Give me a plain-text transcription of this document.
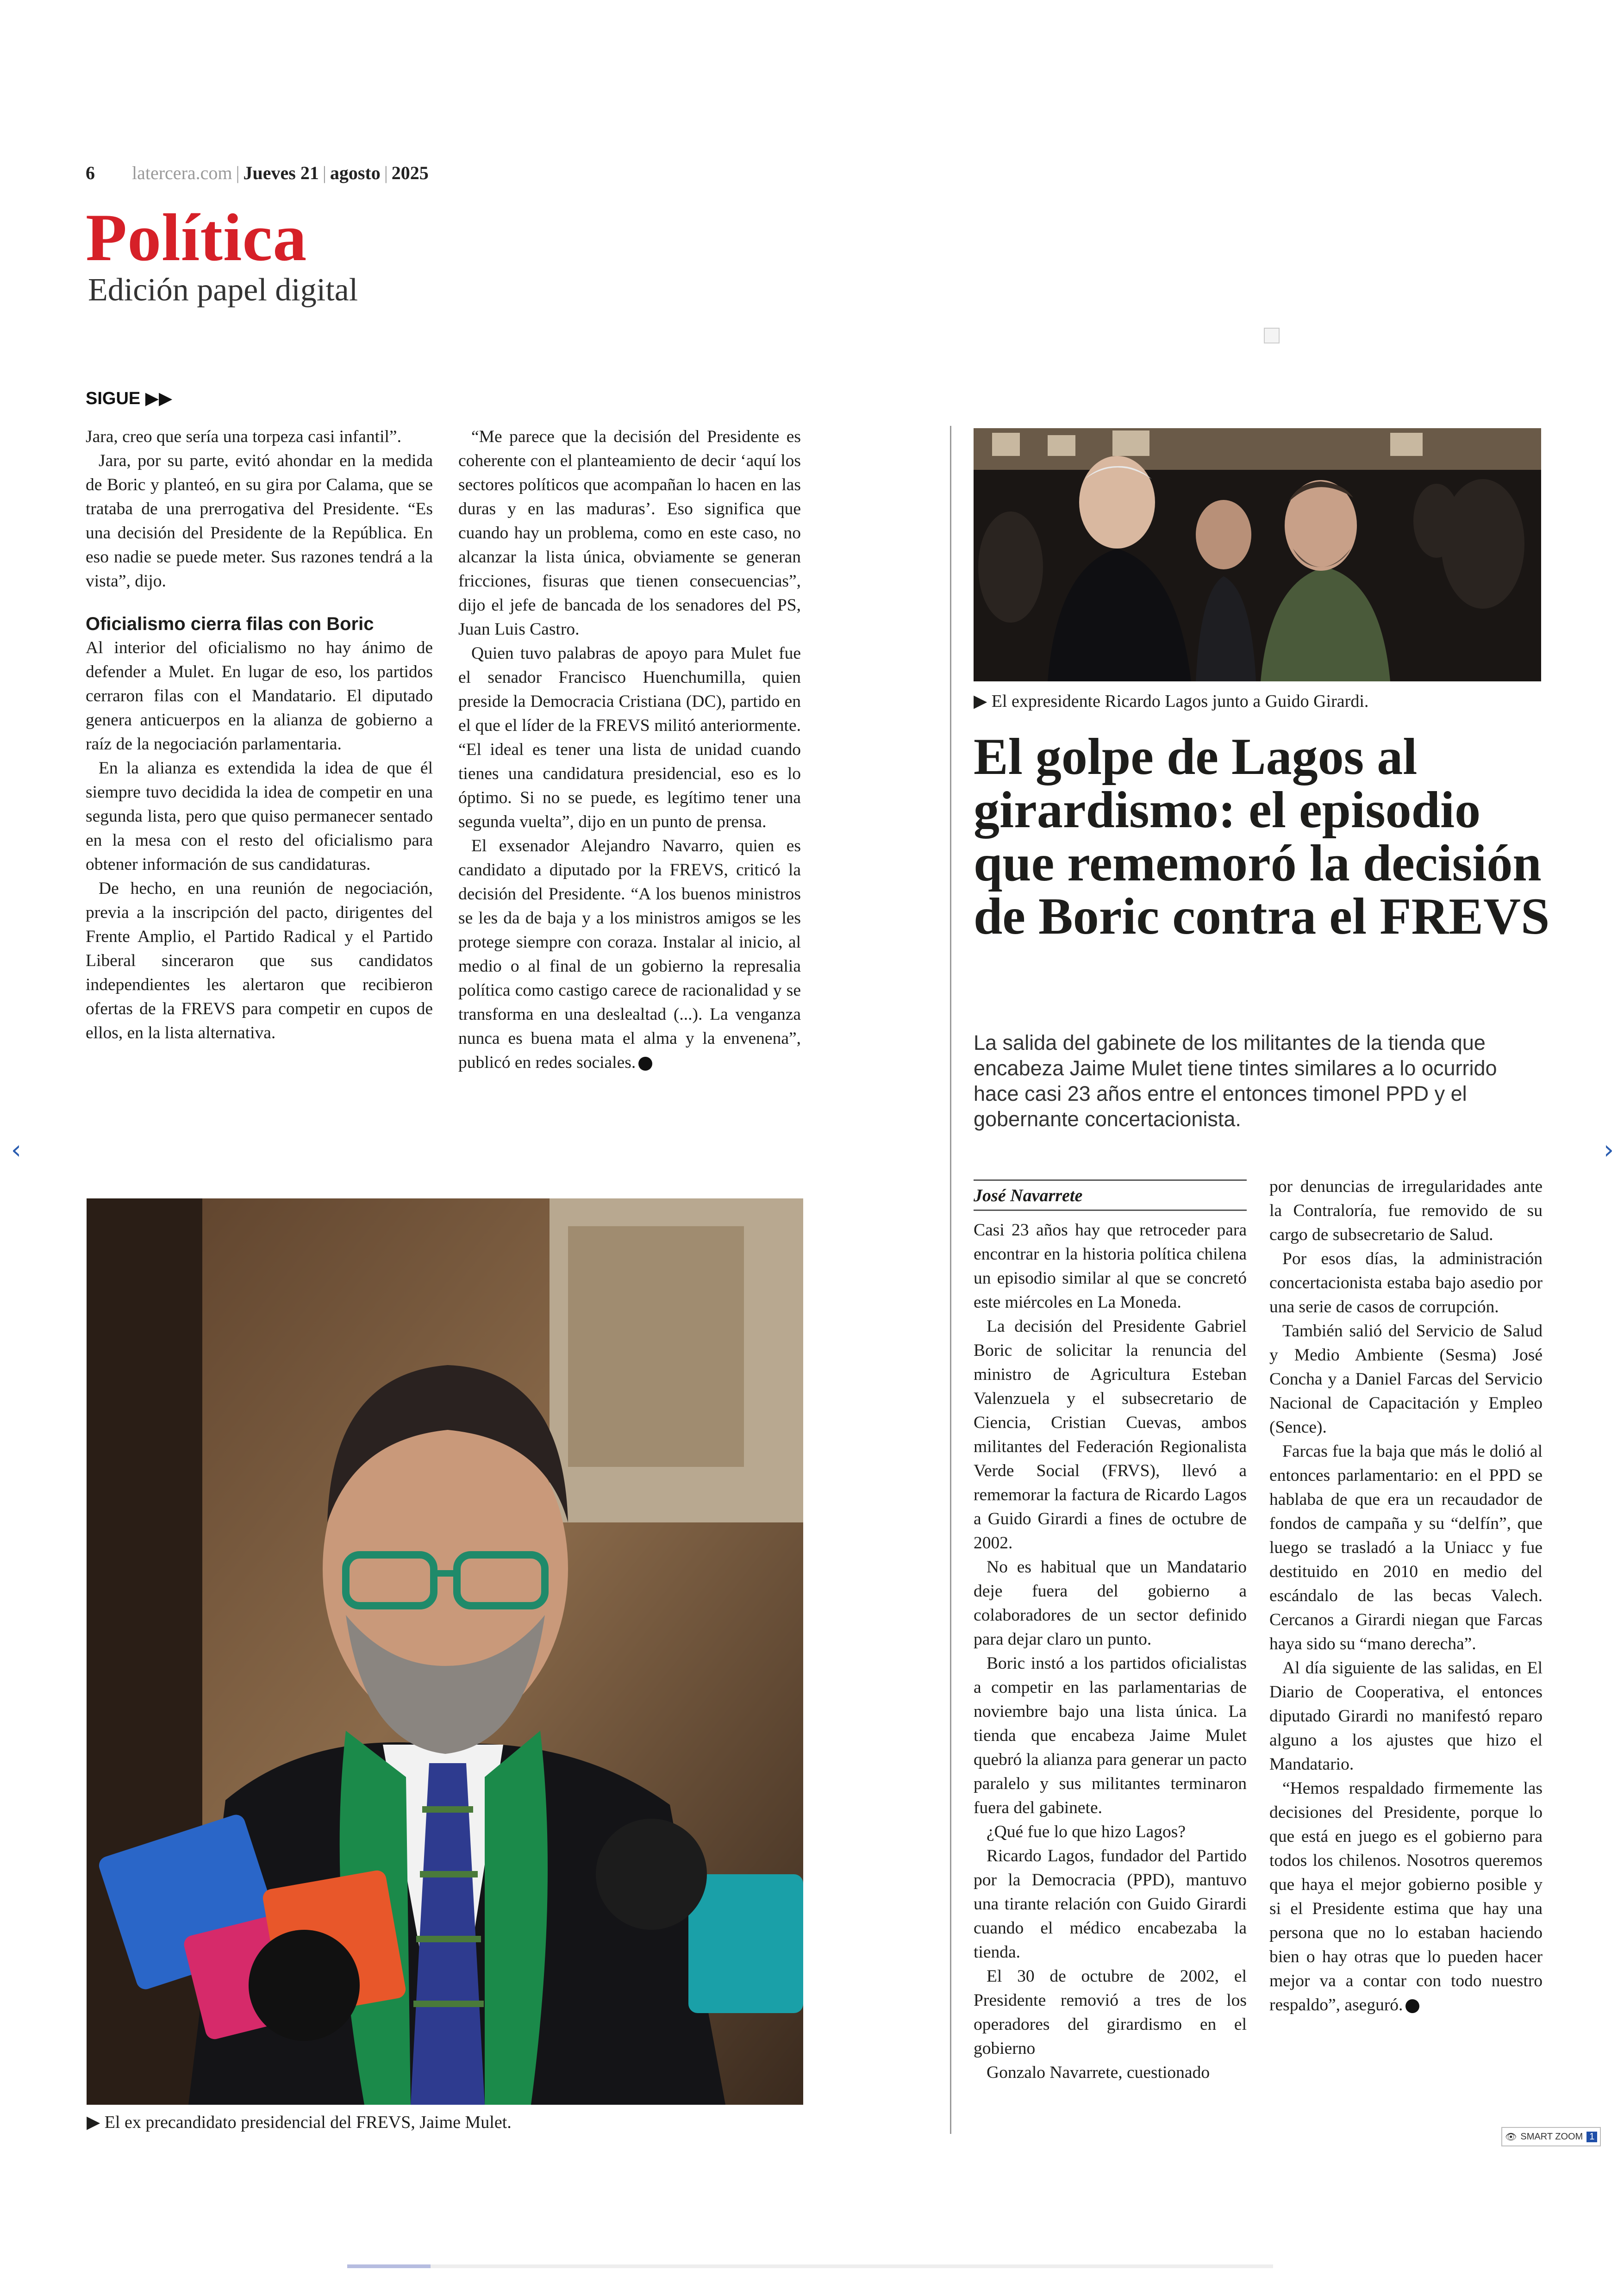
6 latercera.com | Jueves 21 | agosto | 2025
Política
Edición papel digital
SIGUE ▶▶

Jara, creo que sería una torpeza casi infantil”.

Jara, por su parte, evitó ahondar en la medida de Boric y planteó, en su gira por Calama, que se trataba de una prerrogativa del Presidente. “Es una decisión del Presidente de la República. En eso nadie se puede meter. Sus razones tendrá a la vista”, dijo.

Oficialismo cierra filas con Boric

Al interior del oficialismo no hay ánimo de defender a Mulet. En lugar de eso, los partidos cerraron filas con el Mandatario. El diputado genera anticuerpos en la alianza de gobierno a raíz de la negociación parlamentaria.

En la alianza es extendida la idea de que él siempre tuvo decidida la idea de competir en una segunda lista, pero que quiso permanecer sentado en la mesa con el resto del oficialismo para obtener información de sus candidaturas.

De hecho, en una reunión de negociación, previa a la inscripción del pacto, dirigentes del Frente Amplio, el Partido Radical y el Partido Liberal sinceraron que sus candidatos independientes les alertaron que recibieron ofertas de la FREVS para competir en cupos de ellos, en la lista alternativa.

“Me parece que la decisión del Presidente es coherente con el planteamiento de decir ‘aquí los sectores políticos que acompañan lo hacen en las duras y en las maduras’. Eso significa que cuando hay un problema, como en este caso, no alcanzar la lista única, obviamente se generan fricciones, fisuras que tienen consecuencias”, dijo el jefe de bancada de los senadores del PS, Juan Luis Castro.

Quien tuvo palabras de apoyo para Mulet fue el senador Francisco Huenchumilla, quien preside la Democracia Cristiana (DC), partido en el que el líder de la FREVS militó anteriormente. “El ideal es tener una lista de unidad cuando tienes una candidatura presidencial, eso es lo óptimo. Si no se puede, es legítimo tener una segunda vuelta”, dijo en un punto de prensa.

El exsenador Alejandro Navarro, quien es candidato a diputado por la FREVS, criticó la decisión del Presidente. “A los buenos ministros se les da de baja y a los ministros amigos se les protege siempre con coraza. Instalar al inicio, al medio o al final de un gobierno la represalia política como castigo carece de racionalidad y se transforma en una deslealtad (...). La venganza nunca es buena mata el alma y la envenena”, publicó en redes sociales.

▶ El ex precandidato presidencial del FREVS, Jaime Mulet.
▶ El expresidente Ricardo Lagos junto a Guido Girardi.
El golpe de Lagos al girardismo: el episodio que rememoró la decisión de Boric contra el FREVS
La salida del gabinete de los militantes de la tienda que encabeza Jaime Mulet tiene tintes similares a lo ocurrido hace casi 23 años entre el entonces timonel PPD y el gobernante concertacionista.
José Navarrete

Casi 23 años hay que retroceder para encontrar en la historia política chilena un episodio similar al que se concretó este miércoles en La Moneda.

La decisión del Presidente Gabriel Boric de solicitar la renuncia del ministro de Agricultura Esteban Valenzuela y el subsecretario de Ciencia, Cristian Cuevas, ambos militantes del Federación Regionalista Verde Social (FRVS), llevó a rememorar la factura de Ricardo Lagos a Guido Girardi a fines de octubre de 2002.

No es habitual que un Mandatario deje fuera del gobierno a colaboradores de un sector definido para dejar claro un punto.

Boric instó a los partidos oficialistas a competir en las parlamentarias de noviembre bajo una lista única. La tienda que encabeza Jaime Mulet quebró la alianza para generar un pacto paralelo y sus militantes terminaron fuera del gabinete.

¿Qué fue lo que hizo Lagos?

Ricardo Lagos, fundador del Partido por la Democracia (PPD), mantuvo una tirante relación con Guido Girardi cuando el médico encabezaba la tienda.

El 30 de octubre de 2002, el Presidente removió a tres de los operadores del girardismo en el gobierno

Gonzalo Navarrete, cuestionado

por denuncias de irregularidades ante la Contraloría, fue removido de su cargo de subsecretario de Salud.

Por esos días, la administración concertacionista estaba bajo asedio por una serie de casos de corrupción.

También salió del Servicio de Salud y Medio Ambiente (Sesma) José Concha y a Daniel Farcas del Servicio Nacional de Capacitación y Empleo (Sence).

Farcas fue la baja que más le dolió al entonces parlamentario: en el PPD se hablaba de que era un recaudador de fondos de campaña y su “delfín”, que luego se trasladó a la Uniacc y fue destituido en 2010 en medio del escándalo de las becas Valech. Cercanos a Girardi niegan que Farcas haya sido su “mano derecha”.

Al día siguiente de las salidas, en El Diario de Cooperativa, el entonces diputado Girardi no manifestó reparo alguno a los ajustes que hizo el Mandatario.

“Hemos respaldado firmemente las decisiones del Presidente, porque lo que está en juego es el gobierno para todos los chilenos. Nosotros queremos que haya el mejor gobierno posible y si el Presidente estima que hay una persona que no lo estaban haciendo bien o hay otras que lo pueden hacer mejor va a contar con todo nuestro respaldo”, aseguró.

‹	›
👁 SMART ZOOM 1
